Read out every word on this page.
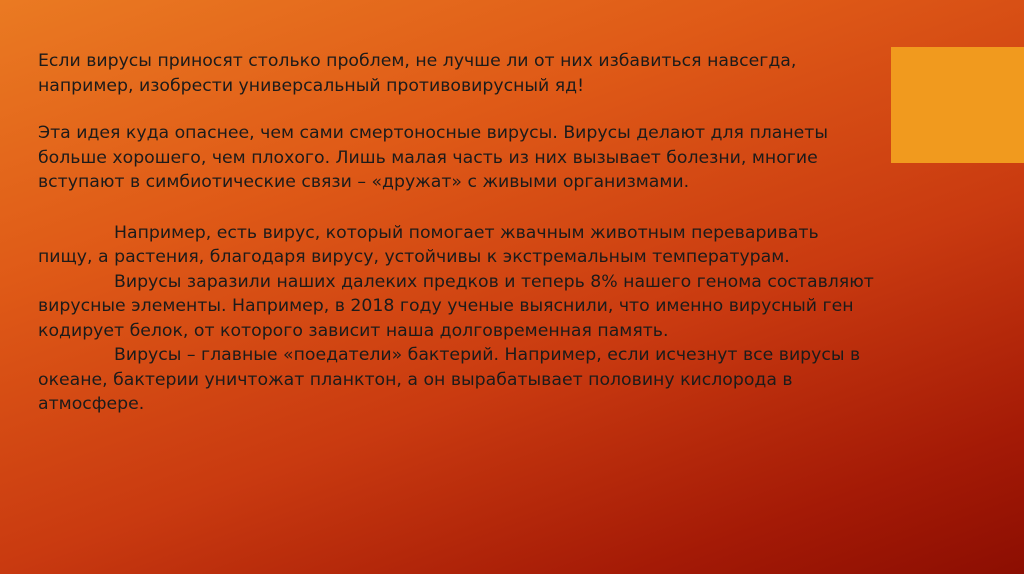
Если вирусы приносят столько проблем, не лучше ли от них избавиться навсегда, например, изобрести универсальный противовирусный яд!

Эта идея куда опаснее, чем сами смертоносные вирусы. Вирусы делают для планеты больше хорошего, чем плохого. Лишь малая часть из них вызывает болезни, многие вступают в симбиотические связи – «дружат» с живыми организмами.

Например, есть вирус, который помогает жвачным животным переваривать пищу, а растения, благодаря вирусу, устойчивы к экстремальным температурам.

Вирусы заразили наших далеких предков и теперь 8% нашего генома составляют вирусные элементы. Например, в 2018 году ученые выяснили, что именно вирусный ген кодирует белок, от которого зависит наша долговременная память.

Вирусы – главные «поедатели» бактерий. Например, если исчезнут все вирусы в океане, бактерии уничтожат планктон, а он вырабатывает половину кислорода в атмосфере.
